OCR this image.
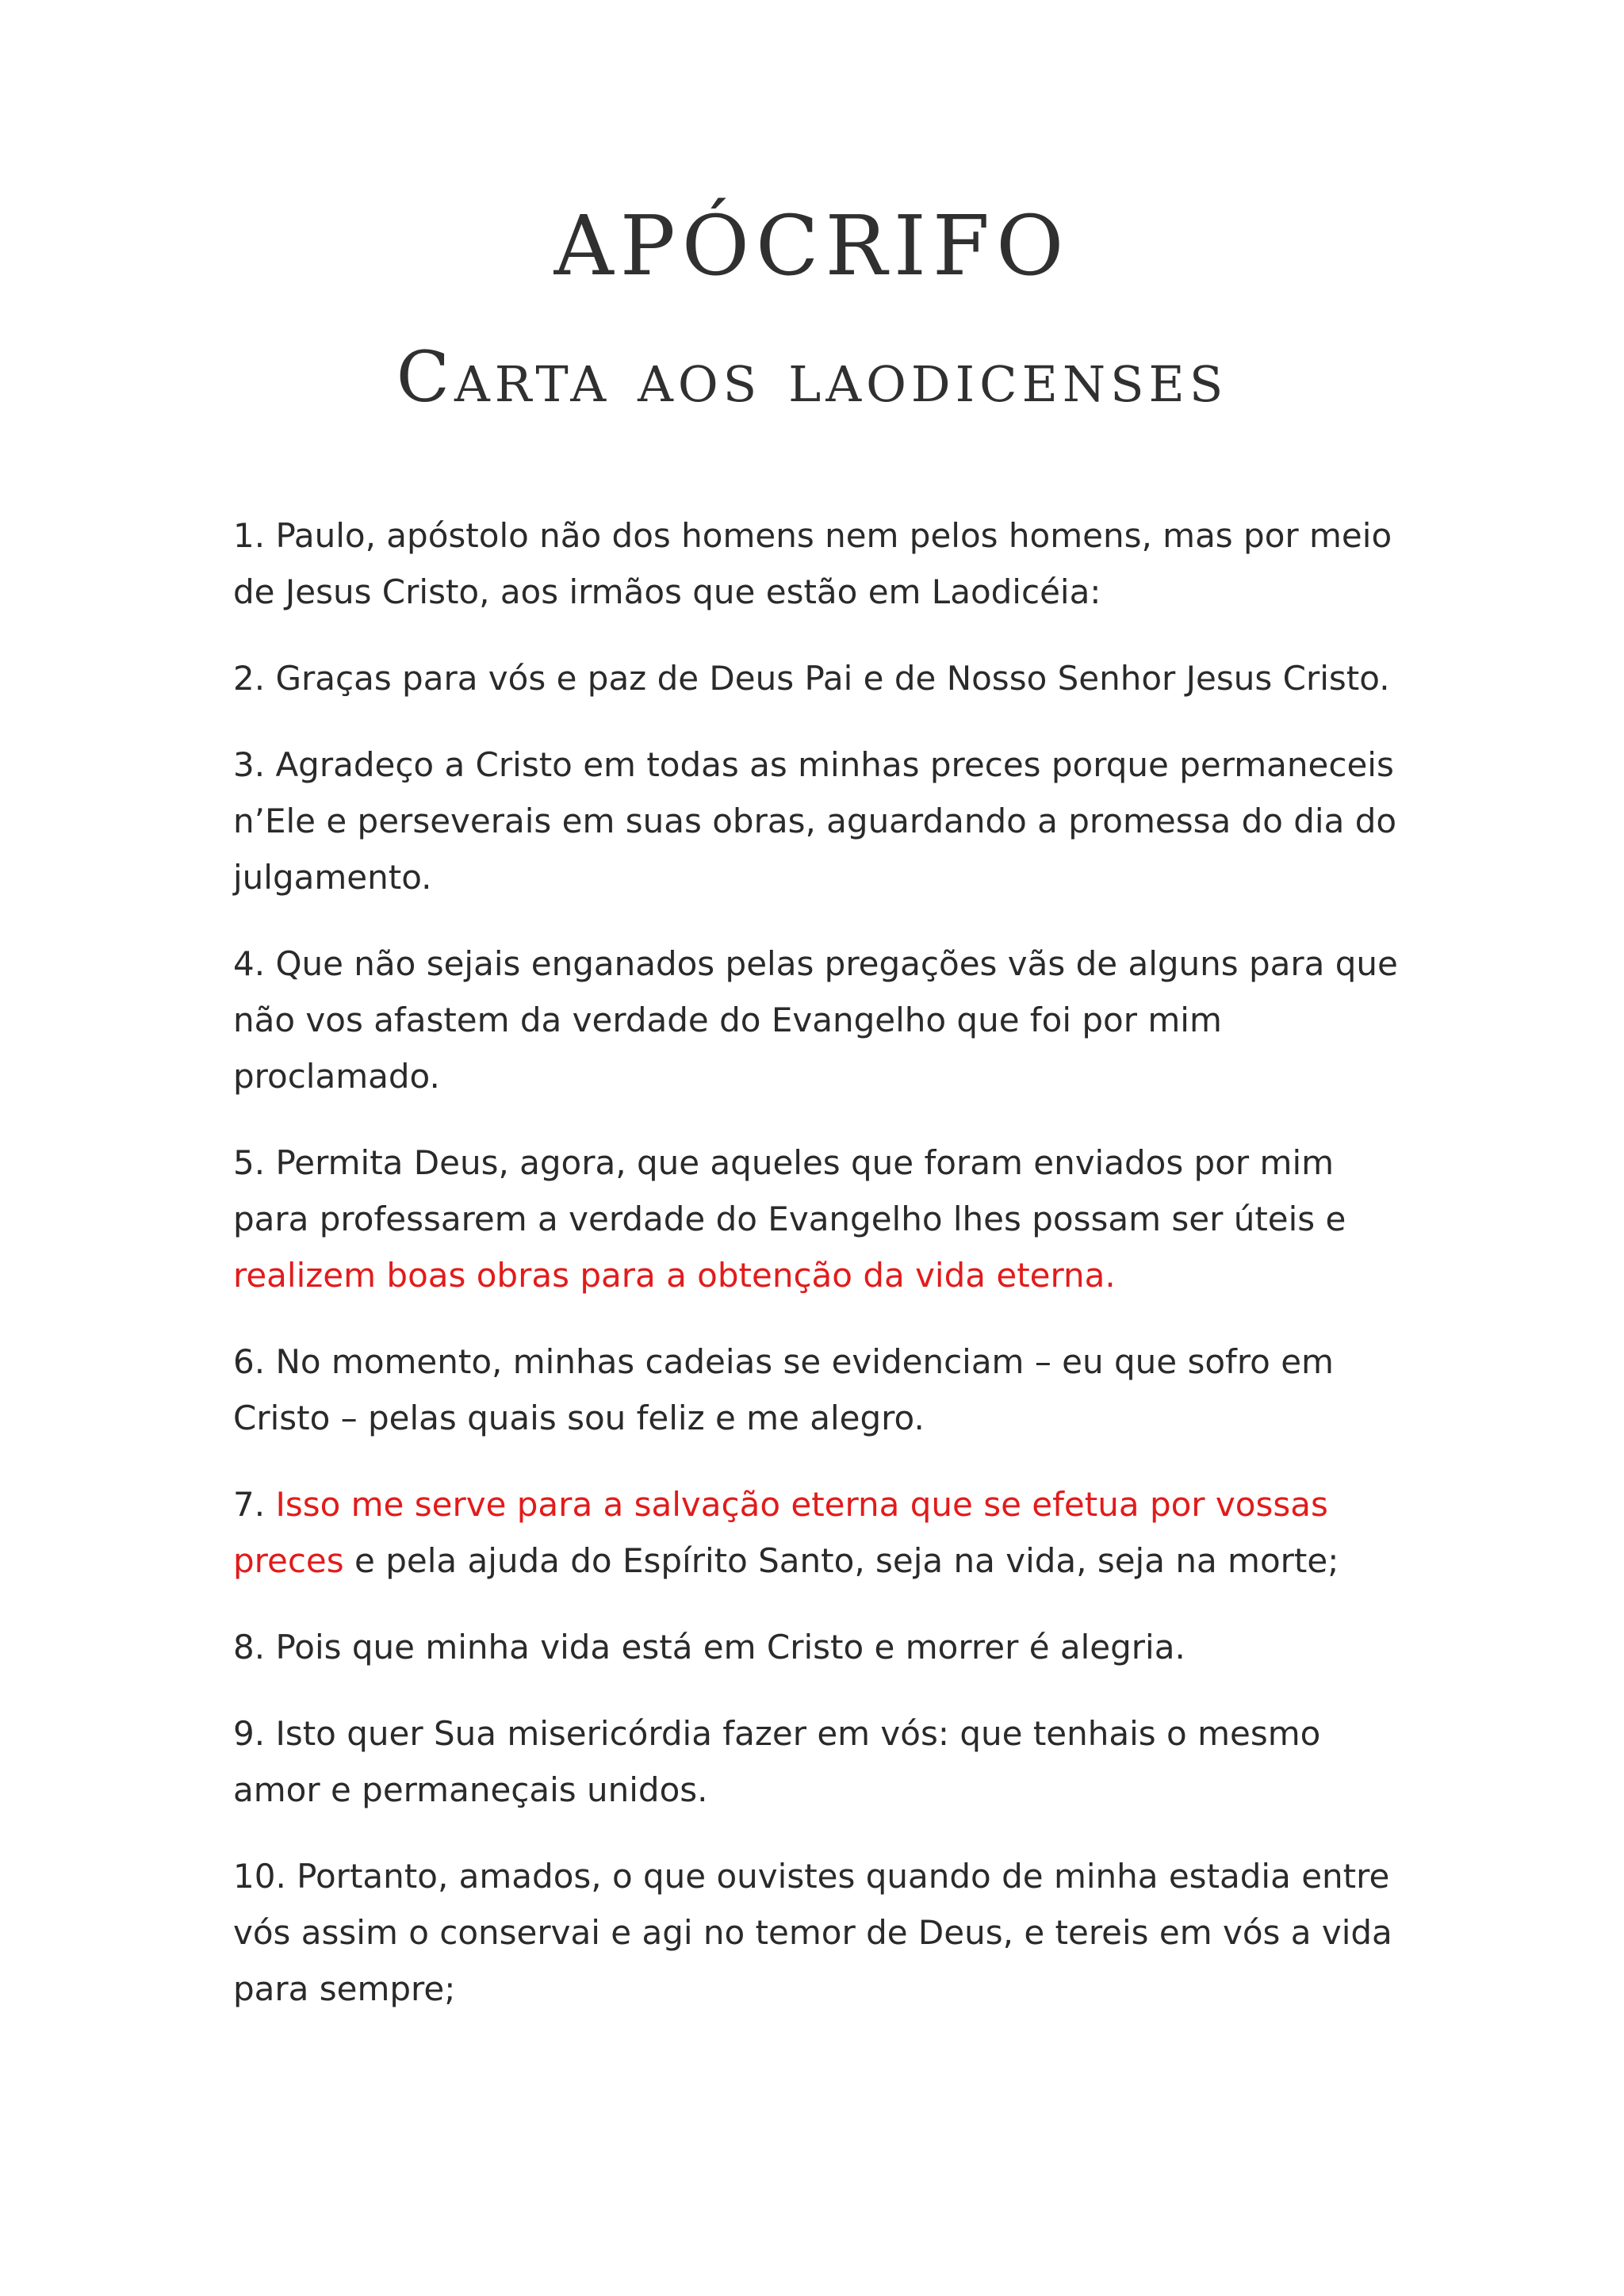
APÓCRIFO
Carta aos laodicenses

1. Paulo, apóstolo não dos homens nem pelos homens, mas por meio de Jesus Cristo, aos irmãos que estão em Laodicéia:

2. Graças para vós e paz de Deus Pai e de Nosso Senhor Jesus Cristo.

3. Agradeço a Cristo em todas as minhas preces porque permaneceis n’Ele e perseverais em suas obras, aguardando a promessa do dia do julgamento.

4. Que não sejais enganados pelas pregações vãs de alguns para que não vos afastem da verdade do Evangelho que foi por mim proclamado.

5. Permita Deus, agora, que aqueles que foram enviados por mim para professarem a verdade do Evangelho lhes possam ser úteis e realizem boas obras para a obtenção da vida eterna.

6. No momento, minhas cadeias se evidenciam – eu que sofro em Cristo – pelas quais sou feliz e me alegro.

7. Isso me serve para a salvação eterna que se efetua por vossas preces e pela ajuda do Espírito Santo, seja na vida, seja na morte;

8. Pois que minha vida está em Cristo e morrer é alegria.

9. Isto quer Sua misericórdia fazer em vós: que tenhais o mesmo amor e permaneçais unidos.

10. Portanto, amados, o que ouvistes quando de minha estadia entre vós assim o conservai e agi no temor de Deus, e tereis em vós a vida para sempre;
